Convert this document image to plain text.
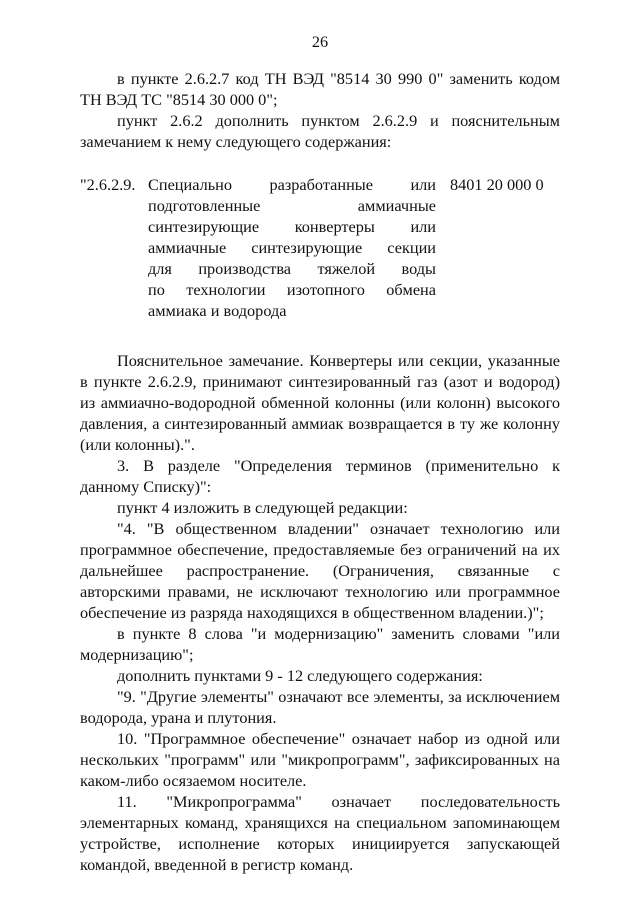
26

в пункте 2.6.2.7 код ТН ВЭД "8514 30 990 0" заменить кодом ТН ВЭД ТС "8514 30 000 0";

пункт 2.6.2 дополнить пунктом 2.6.2.9 и пояснительным замечанием к нему следующего содержания:

"2.6.2.9. Специально разработанные или
подготовленные аммиачные
синтезирующие конвертеры или
аммиачные синтезирующие секции
для производства тяжелой воды
по технологии изотопного обмена
аммиака и водорода
8401 20 000 0

Пояснительное замечание. Конвертеры или секции, указанные в пункте 2.6.2.9, принимают синтезированный газ (азот и водород) из аммиачно-водородной обменной колонны (или колонн) высокого давления, а синтезированный аммиак возвращается в ту же колонну (или колонны).".

3. В разделе "Определения терминов (применительно к данному Списку)":

пункт 4 изложить в следующей редакции:

"4. "В общественном владении" означает технологию или программное обеспечение, предоставляемые без ограничений на их дальнейшее распространение. (Ограничения, связанные с авторскими правами, не исключают технологию или программное обеспечение из разряда находящихся в общественном владении.)";

в пункте 8 слова "и модернизацию" заменить словами "или модернизацию";

дополнить пунктами 9 - 12 следующего содержания:

"9. "Другие элементы" означают все элементы, за исключением водорода, урана и плутония.

10. "Программное обеспечение" означает набор из одной или нескольких "программ" или "микропрограмм", зафиксированных на каком-либо осязаемом носителе.

11. "Микропрограмма" означает последовательность элементарных команд, хранящихся на специальном запоминающем устройстве, исполнение которых инициируется запускающей командой, введенной в регистр команд.
